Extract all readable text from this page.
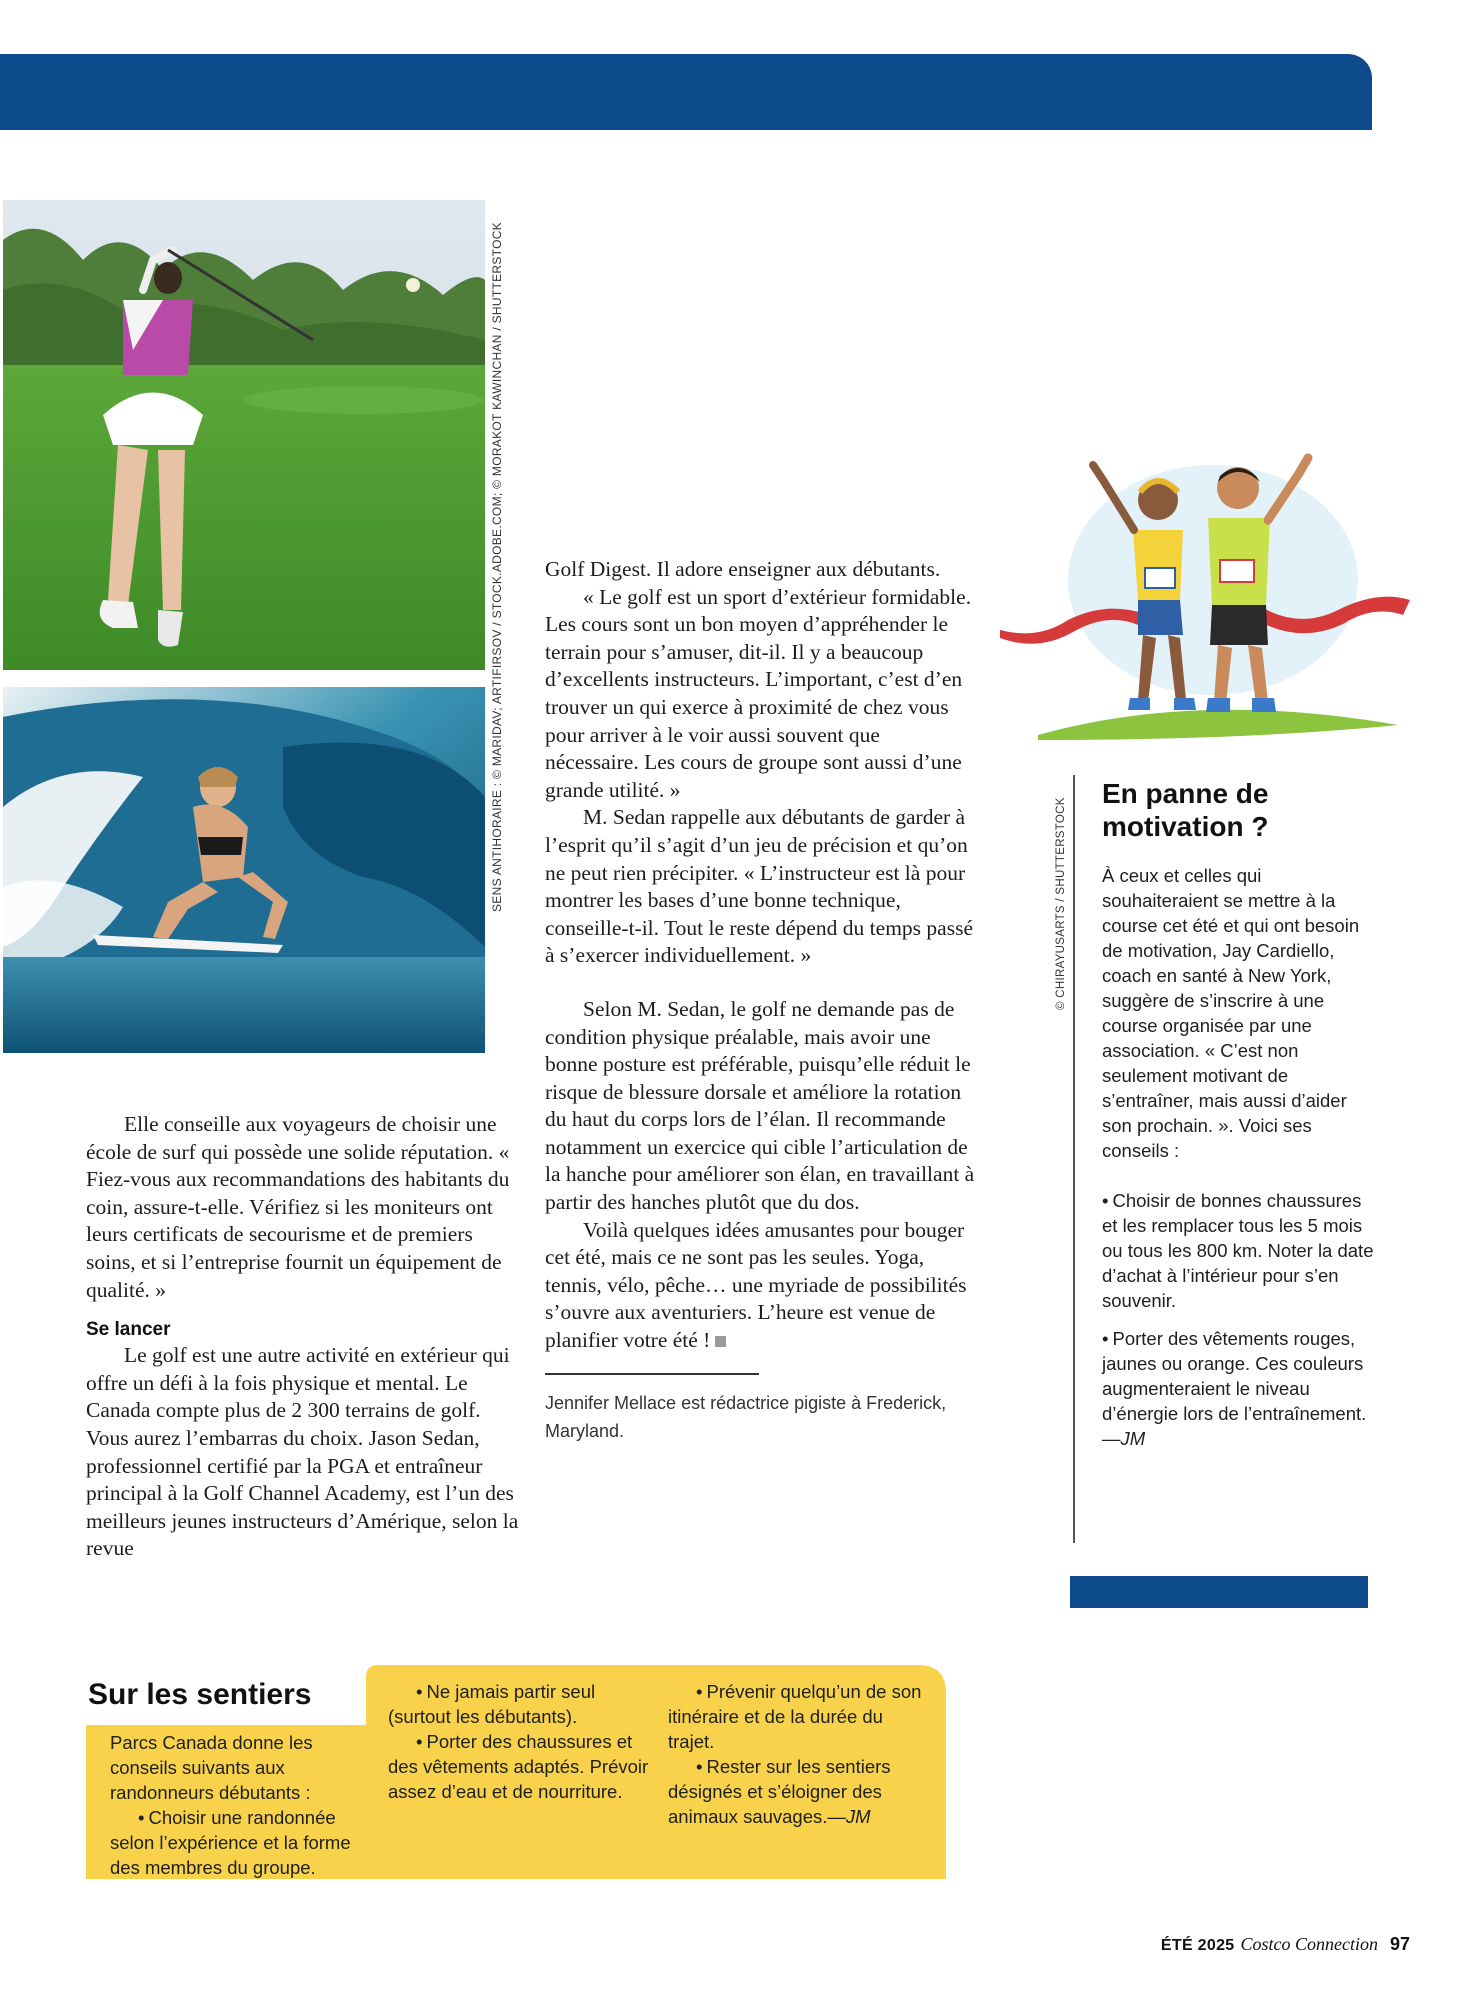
SENS ANTIHORAIRE : © MARIDAV; ARTIFIRSOV / STOCK.ADOBE.COM; © MORAKOT KAWINCHAN / SHUTTERSTOCK

Elle conseille aux voyageurs de choisir une école de surf qui possède une solide réputation. « Fiez-vous aux recommandations des habitants du coin, assure-t-elle. Vérifiez si les moniteurs ont leurs certificats de secourisme et de premiers soins, et si l’entreprise fournit un équipement de qualité. »

Se lancer

Le golf est une autre activité en extérieur qui offre un défi à la fois physique et mental. Le Canada compte plus de 2 300 terrains de golf. Vous aurez l’embarras du choix. Jason Sedan, professionnel certifié par la PGA et entraîneur principal à la Golf Channel Academy, est l’un des meilleurs jeunes instructeurs d’Amérique, selon la revue

Golf Digest. Il adore enseigner aux débutants.

« Le golf est un sport d’extérieur formidable. Les cours sont un bon moyen d’appréhender le terrain pour s’amuser, dit-il. Il y a beaucoup d’excellents instructeurs. L’important, c’est d’en trouver un qui exerce à proximité de chez vous pour arriver à le voir aussi souvent que nécessaire. Les cours de groupe sont aussi d’une grande utilité. »

M. Sedan rappelle aux débutants de garder à l’esprit qu’il s’agit d’un jeu de précision et qu’on ne peut rien précipiter. « L’instructeur est là pour montrer les bases d’une bonne technique, conseille-t-il. Tout le reste dépend du temps passé à s’exercer individuellement. »

Selon M. Sedan, le golf ne demande pas de condition physique préalable, mais avoir une bonne posture est préférable, puisqu’elle réduit le risque de blessure dorsale et améliore la rotation du haut du corps lors de l’élan. Il recommande notamment un exercice qui cible l’articulation de la hanche pour améliorer son élan, en travaillant à partir des hanches plutôt que du dos.

Voilà quelques idées amusantes pour bouger cet été, mais ce ne sont pas les seules. Yoga, tennis, vélo, pêche… une myriade de possibilités s’ouvre aux aventuriers. L’heure est venue de planifier votre été !

Jennifer Mellace est rédactrice pigiste à Frederick, Maryland.

© CHIRAYUSARTS / SHUTTERSTOCK
En panne de motivation ?

À ceux et celles qui souhaiteraient se mettre à la course cet été et qui ont besoin de motivation, Jay Cardiello, coach en santé à New York, suggère de s’inscrire à une course organisée par une association. « C’est non seulement motivant de s’entraîner, mais aussi d’aider son prochain. ». Voici ses conseils :

• Choisir de bonnes chaussures et les remplacer tous les 5 mois ou tous les 800 km. Noter la date d’achat à l’intérieur pour s’en souvenir.

• Porter des vêtements rouges, jaunes ou orange. Ces couleurs augmenteraient le niveau d’énergie lors de l’entraînement.—JM

Sur les sentiers

Parcs Canada donne les conseils suivants aux randonneurs débutants :

• Choisir une randonnée selon l’expérience et la forme des membres du groupe.

• Ne jamais partir seul (surtout les débutants).

• Porter des chaussures et des vêtements adaptés. Prévoir assez d’eau et de nourriture.

• Prévenir quelqu’un de son itinéraire et de la durée du trajet.

• Rester sur les sentiers désignés et s’éloigner des animaux sauvages.—JM

ÉTÉ 2025 Costco Connection 97
